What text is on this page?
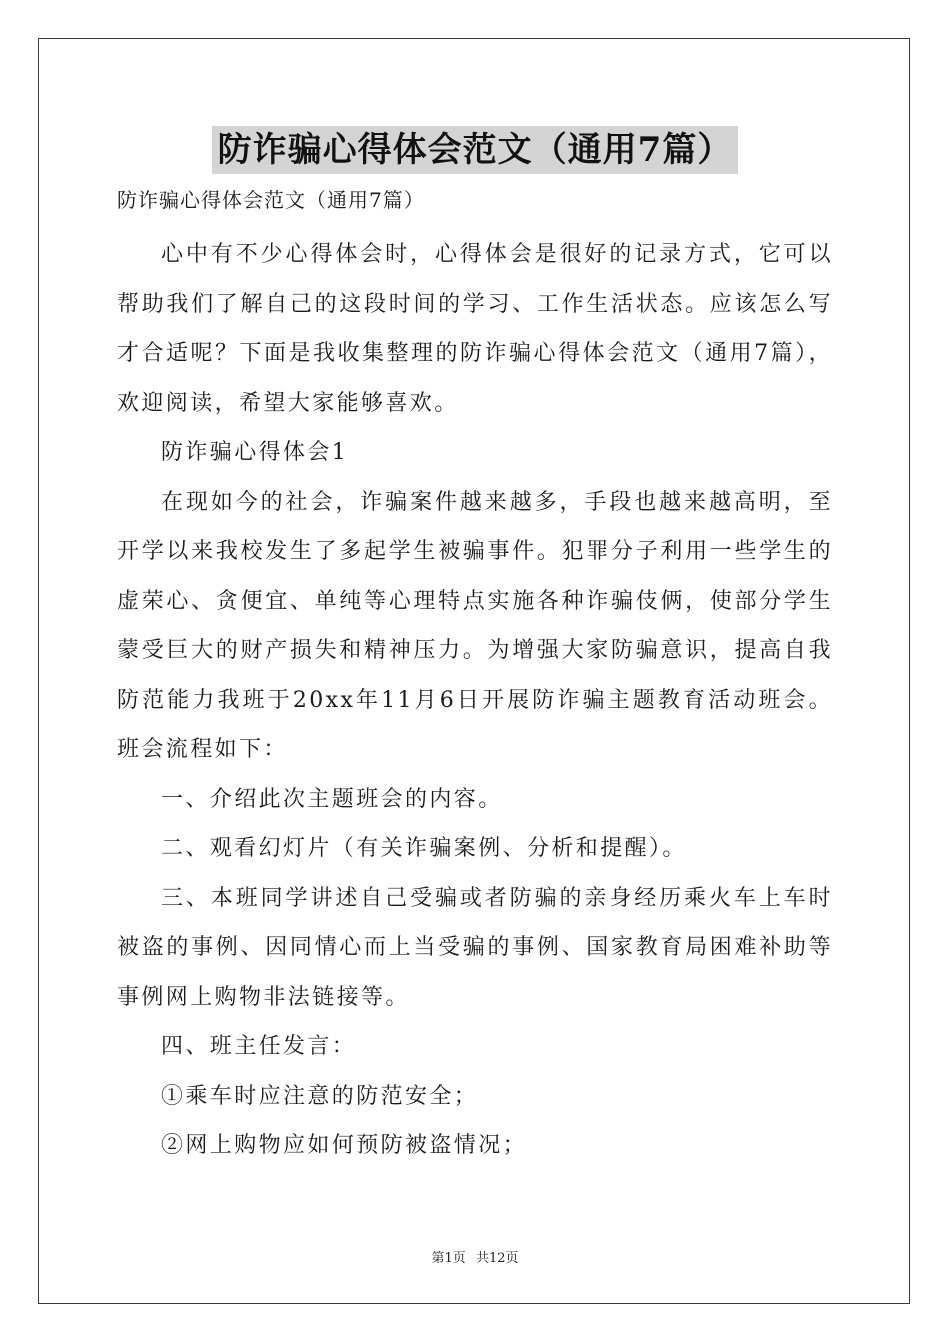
防诈骗心得体会范文（通用7篇）

防诈骗心得体会范文（通用7篇）

心中有不少心得体会时，心得体会是很好的记录方式，它可以帮助我们了解自己的这段时间的学习、工作生活状态。应该怎么写才合适呢？下面是我收集整理的防诈骗心得体会范文（通用7篇），欢迎阅读，希望大家能够喜欢。

防诈骗心得体会1

在现如今的社会，诈骗案件越来越多，手段也越来越高明，至开学以来我校发生了多起学生被骗事件。犯罪分子利用一些学生的虚荣心、贪便宜、单纯等心理特点实施各种诈骗伎俩，使部分学生蒙受巨大的财产损失和精神压力。为增强大家防骗意识，提高自我防范能力我班于20xx年11月6日开展防诈骗主题教育活动班会。班会流程如下：

一、介绍此次主题班会的内容。

二、观看幻灯片（有关诈骗案例、分析和提醒）。

三、本班同学讲述自己受骗或者防骗的亲身经历乘火车上车时被盗的事例、因同情心而上当受骗的事例、国家教育局困难补助等事例网上购物非法链接等。

四、班主任发言：

①乘车时应注意的防范安全；

②网上购物应如何预防被盗情况；

第1页 共12页
